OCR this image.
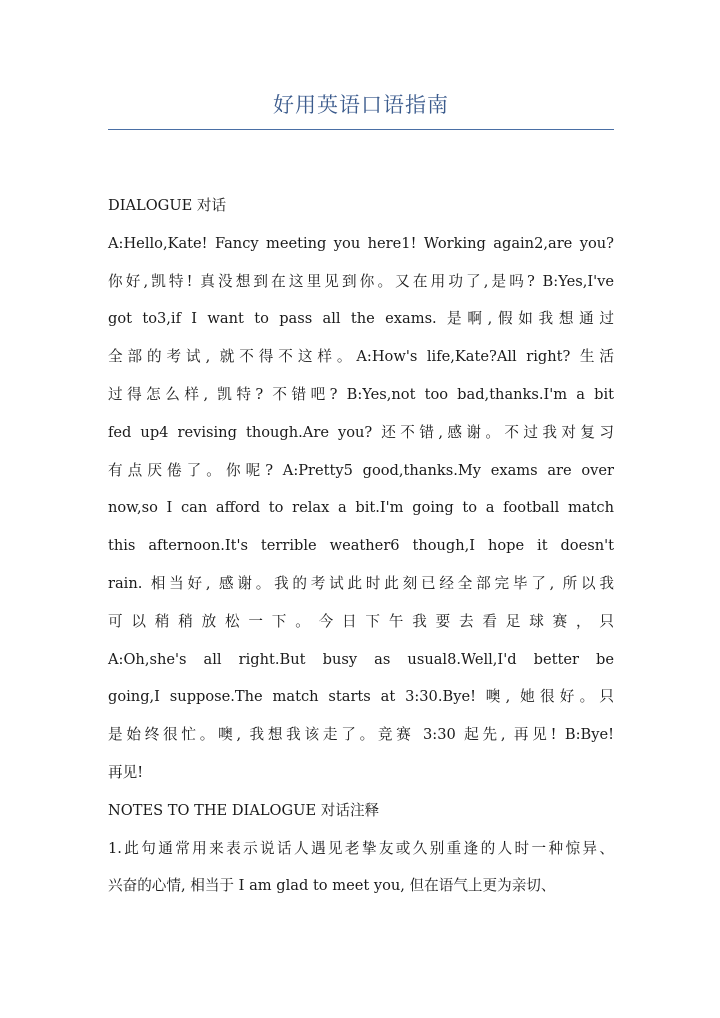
好用英语口语指南
DIALOGUE 对话
A:Hello,Kate! Fancy meeting you here1! Working again2,are you?
你好,凯特! 真没想到在这里见到你。又在用功了,是吗? B:Yes,I've
got to3,if I want to pass all the exams. 是啊,假如我想通过
全部的考试, 就不得不这样。A:How's life,Kate?All right? 生活
过得怎么样, 凯特? 不错吧? B:Yes,not too bad,thanks.I'm a bit
fed up4 revising though.Are you? 还不错,感谢。不过我对复习
有点厌倦了。你呢? A:Pretty5 good,thanks.My exams are over
now,so I can afford to relax a bit.I'm going to a football match
this afternoon.It's terrible weather6 though,I hope it doesn't
rain. 相当好, 感谢。我的考试此时此刻已经全部完毕了, 所以我
可 以 稍 稍 放 松 一 下 。 今 日 下 午 我 要 去 看 足 球 赛 ， 只
A:Oh,she's all right.But busy as usual8.Well,I'd better be
going,I suppose.The match starts at 3:30.Bye! 噢, 她很好。只
是始终很忙。噢, 我想我该走了。竞赛 3:30 起先, 再见! B:Bye!
再见!
NOTES TO THE DIALOGUE 对话注释
1.此句通常用来表示说话人遇见老挚友或久别重逢的人时一种惊异、
兴奋的心情, 相当于 I am glad to meet you, 但在语气上更为亲切、
